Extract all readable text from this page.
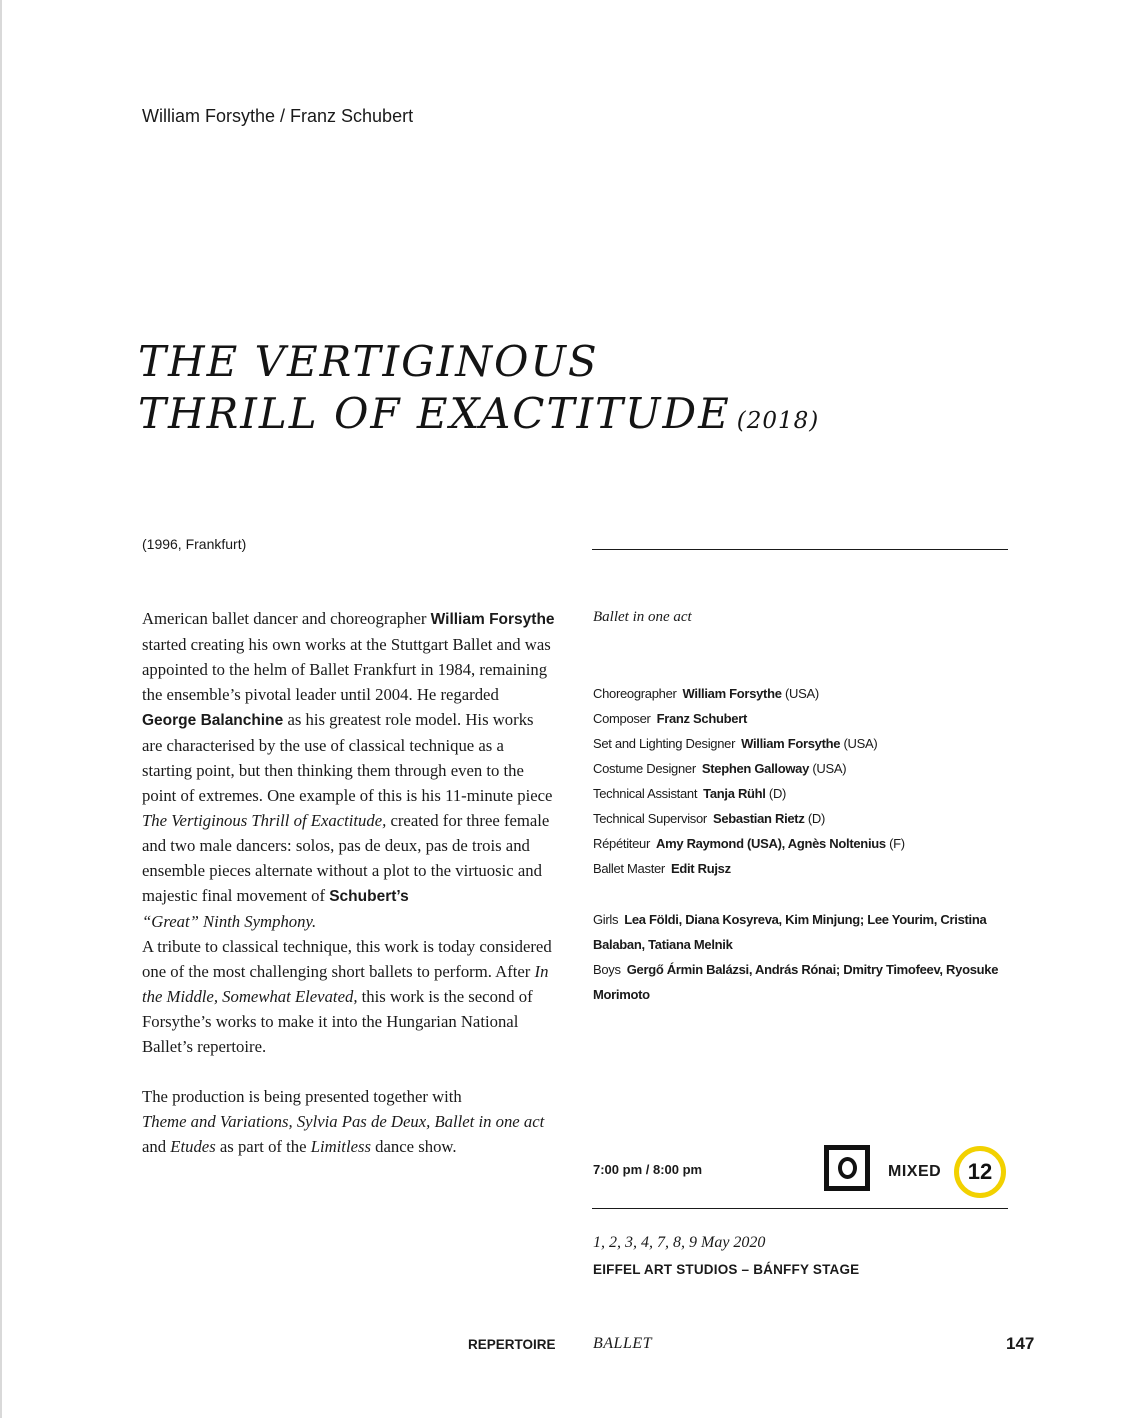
William Forsythe / Franz Schubert
THE VERTIGINOUS
THRILL OF EXACTITUDE (2018)
(1996, Frankfurt)

American ballet dancer and choreographer William Forsythe started creating his own works at the Stuttgart Ballet and was appointed to the helm of Ballet Frankfurt in 1984, remaining the ensemble’s pivotal leader until 2004. He regarded George Balanchine as his greatest role model. His works are characterised by the use of classical technique as a starting point, but then thinking them through even to the point of extremes. One example of this is his 11-minute piece The Vertiginous Thrill of Exactitude, created for three female and two male dancers: solos, pas de deux, pas de trois and ensemble pieces alternate without a plot to the virtuosic and majestic final movement of Schubert’s
“Great” Ninth Symphony.

A tribute to classical technique, this work is today considered one of the most challenging short ballets to perform. After In the Middle, Somewhat Elevated, this work is the second of Forsythe’s works to make it into the Hungarian National Ballet’s repertoire.

The production is being presented together with
Theme and Variations, Sylvia Pas de Deux, Ballet in one act and Etudes as part of the Limitless dance show.

Ballet in one act
Choreographer William Forsythe (USA)
Composer Franz Schubert
Set and Lighting Designer William Forsythe (USA)
Costume Designer Stephen Galloway (USA)
Technical Assistant Tanja Rühl (D)
Technical Supervisor Sebastian Rietz (D)
Répétiteur Amy Raymond (USA), Agnès Noltenius (F)
Ballet Master Edit Rujsz
Girls Lea Földi, Diana Kosyreva, Kim Minjung; Lee Yourim, Cristina Balaban, Tatiana Melnik
Boys Gergő Ármin Balázsi, András Rónai; Dmitry Timofeev, Ryosuke Morimoto
7:00 pm / 8:00 pm	MIXED	12
1, 2, 3, 4, 7, 8, 9 May 2020
EIFFEL ART STUDIOS – BÁNFFY STAGE
REPERTOIRE BALLET	147
